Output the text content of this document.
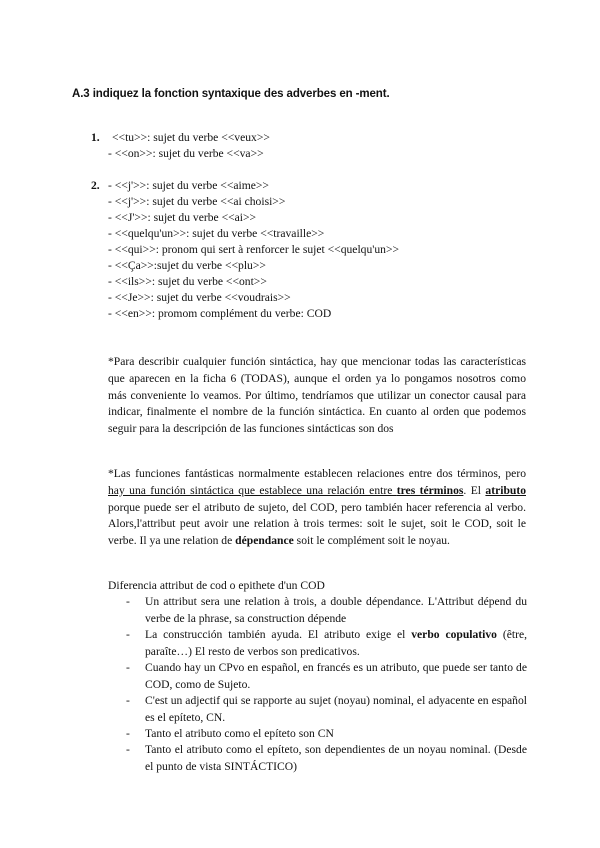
A.3 indiquez la fonction syntaxique des adverbes en -ment.
1. <<tu>>: sujet du verbe <<veux>>
- <<on>>: sujet du verbe <<va>>
2. - <<j'>>: sujet du verbe <<aime>>
- <<j'>>: sujet du verbe <<ai choisi>>
- <<J'>>: sujet du verbe <<ai>>
- <<quelqu'un>>: sujet du verbe <<travaille>>
- <<qui>>: pronom qui sert à renforcer le sujet <<quelqu'un>>
- <<Ça>>:sujet du verbe <<plu>>
- <<ils>>: sujet du verbe <<ont>>
- <<Je>>: sujet du verbe <<voudrais>>
- <<en>>: promom complément du verbe: COD
*Para describir cualquier función sintáctica, hay que mencionar todas las características que aparecen en la ficha 6 (TODAS), aunque el orden ya lo pongamos nosotros como más conveniente lo veamos. Por último, tendríamos que utilizar un conector causal para indicar, finalmente el nombre de la función sintáctica. En cuanto al orden que podemos seguir para la descripción de las funciones sintácticas son dos
*Las funciones fantásticas normalmente establecen relaciones entre dos términos, pero hay una función sintáctica que establece una relación entre tres términos. El atributo porque puede ser el atributo de sujeto, del COD, pero también hacer referencia al verbo. Alors,l'attribut peut avoir une relation à trois termes: soit le sujet, soit le COD, soit le verbe. Il ya une relation de dépendance soit le complément soit le noyau.
Diferencia attribut de cod o epithete d'un COD
- Un attribut sera une relation à trois, a double dépendance. L'Attribut dépend du verbe de la phrase, sa construction dépende
- La construcción también ayuda. El atributo exige el verbo copulativo (être, paraîte…) El resto de verbos son predicativos.
- Cuando hay un CPvo en español, en francés es un atributo, que puede ser tanto de COD, como de Sujeto.
- C'est un adjectif qui se rapporte au sujet (noyau) nominal, el adyacente en español es el epíteto, CN.
- Tanto el atributo como el epíteto son CN
- Tanto el atributo como el epíteto, son dependientes de un noyau nominal. (Desde el punto de vista SINTÁCTICO)
